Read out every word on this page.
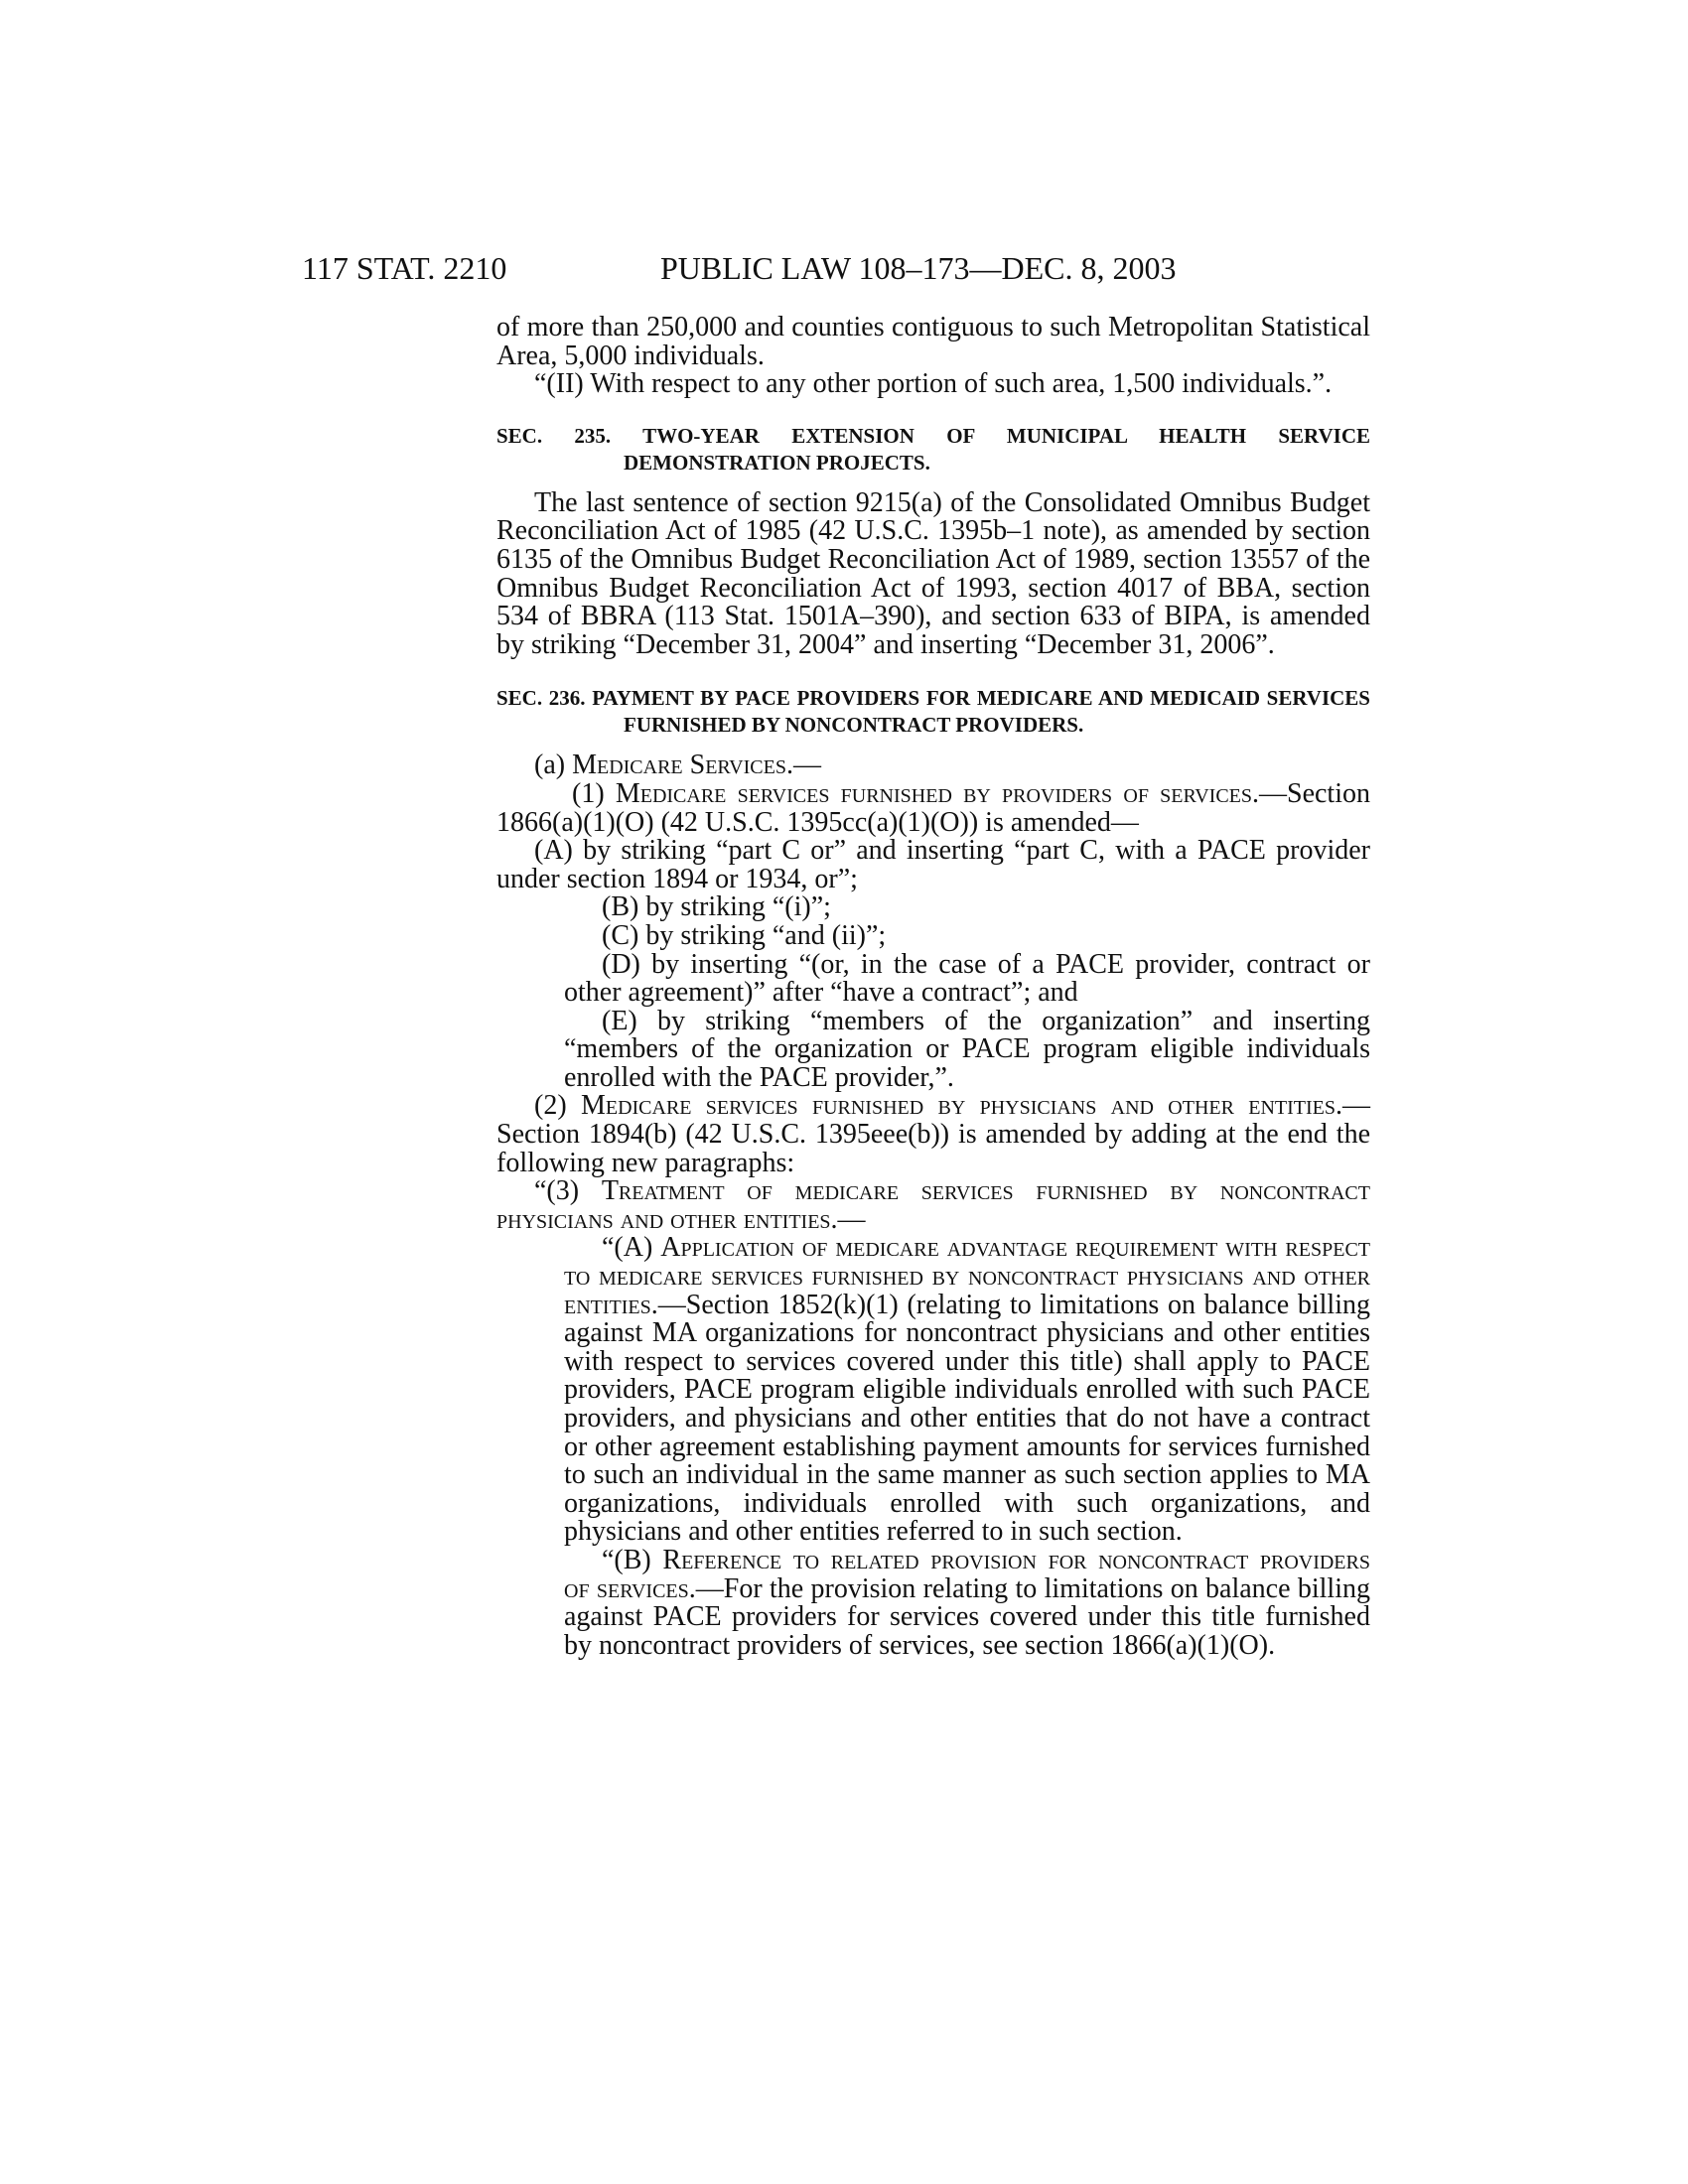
117 STAT. 2210	PUBLIC LAW 108–173—DEC. 8, 2003

of more than 250,000 and counties contiguous to such Metropolitan Statistical Area, 5,000 individuals.

“(II) With respect to any other portion of such area, 1,500 individuals.”.

SEC. 235. TWO-YEAR EXTENSION OF MUNICIPAL HEALTH SERVICE DEMONSTRATION PROJECTS.

The last sentence of section 9215(a) of the Consolidated Omnibus Budget Reconciliation Act of 1985 (42 U.S.C. 1395b–1 note), as amended by section 6135 of the Omnibus Budget Reconciliation Act of 1989, section 13557 of the Omnibus Budget Reconciliation Act of 1993, section 4017 of BBA, section 534 of BBRA (113 Stat. 1501A–390), and section 633 of BIPA, is amended by striking “December 31, 2004” and inserting “December 31, 2006”.

SEC. 236. PAYMENT BY PACE PROVIDERS FOR MEDICARE AND MEDICAID SERVICES FURNISHED BY NONCONTRACT PROVIDERS.

(a) Medicare Services.—

(1) Medicare services furnished by providers of services.—Section 1866(a)(1)(O) (42 U.S.C. 1395cc(a)(1)(O)) is amended—

(A) by striking “part C or” and inserting “part C, with a PACE provider under section 1894 or 1934, or”;

(B) by striking “(i)”;

(C) by striking “and (ii)”;

(D) by inserting “(or, in the case of a PACE provider, contract or other agreement)” after “have a contract”; and

(E) by striking “members of the organization” and inserting “members of the organization or PACE program eligible individuals enrolled with the PACE provider,”.

(2) Medicare services furnished by physicians and other entities.—Section 1894(b) (42 U.S.C. 1395eee(b)) is amended by adding at the end the following new paragraphs:

“(3) Treatment of medicare services furnished by noncontract physicians and other entities.—

“(A) Application of medicare advantage requirement with respect to medicare services furnished by noncontract physicians and other entities.—Section 1852(k)(1) (relating to limitations on balance billing against MA organizations for noncontract physicians and other entities with respect to services covered under this title) shall apply to PACE providers, PACE program eligible individuals enrolled with such PACE providers, and physicians and other entities that do not have a contract or other agreement establishing payment amounts for services furnished to such an individual in the same manner as such section applies to MA organizations, individuals enrolled with such organizations, and physicians and other entities referred to in such section.

“(B) Reference to related provision for noncontract providers of services.—For the provision relating to limitations on balance billing against PACE providers for services covered under this title furnished by noncontract providers of services, see section 1866(a)(1)(O).
